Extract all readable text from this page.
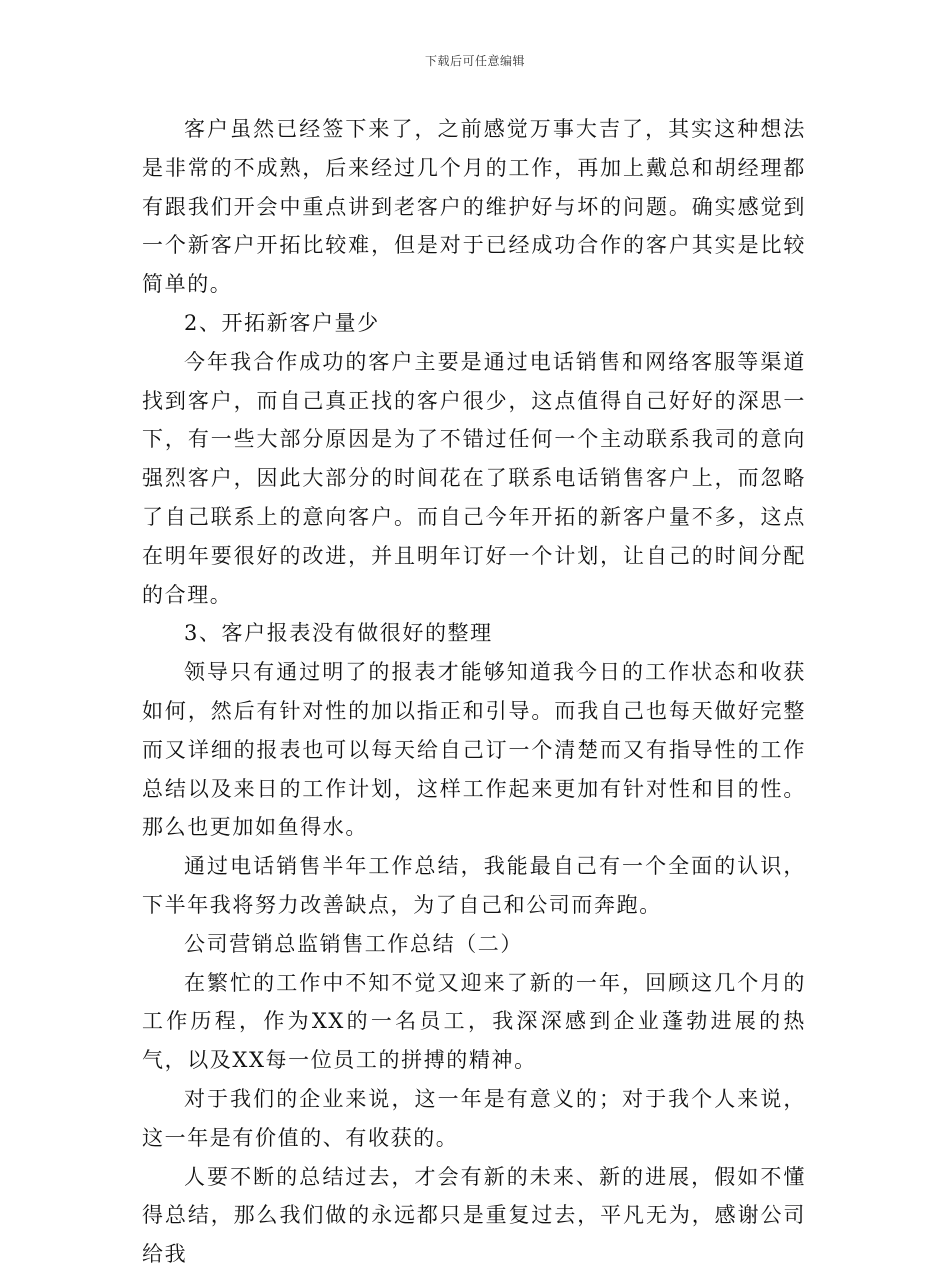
下载后可任意编辑

客户虽然已经签下来了，之前感觉万事大吉了，其实这种想法是非常的不成熟，后来经过几个月的工作，再加上戴总和胡经理都有跟我们开会中重点讲到老客户的维护好与坏的问题。确实感觉到一个新客户开拓比较难，但是对于已经成功合作的客户其实是比较简单的。

2、开拓新客户量少

今年我合作成功的客户主要是通过电话销售和网络客服等渠道找到客户，而自己真正找的客户很少，这点值得自己好好的深思一下，有一些大部分原因是为了不错过任何一个主动联系我司的意向强烈客户，因此大部分的时间花在了联系电话销售客户上，而忽略了自己联系上的意向客户。而自己今年开拓的新客户量不多，这点在明年要很好的改进，并且明年订好一个计划，让自己的时间分配的合理。

3、客户报表没有做很好的整理

领导只有通过明了的报表才能够知道我今日的工作状态和收获如何，然后有针对性的加以指正和引导。而我自己也每天做好完整而又详细的报表也可以每天给自己订一个清楚而又有指导性的工作总结以及来日的工作计划，这样工作起来更加有针对性和目的性。那么也更加如鱼得水。

通过电话销售半年工作总结，我能最自己有一个全面的认识，下半年我将努力改善缺点，为了自己和公司而奔跑。

公司营销总监销售工作总结（二）

在繁忙的工作中不知不觉又迎来了新的一年，回顾这几个月的工作历程，作为XX的一名员工，我深深感到企业蓬勃进展的热气，以及XX每一位员工的拼搏的精神。

对于我们的企业来说，这一年是有意义的；对于我个人来说，这一年是有价值的、有收获的。

人要不断的总结过去，才会有新的未来、新的进展，假如不懂得总结，那么我们做的永远都只是重复过去，平凡无为，感谢公司给我
